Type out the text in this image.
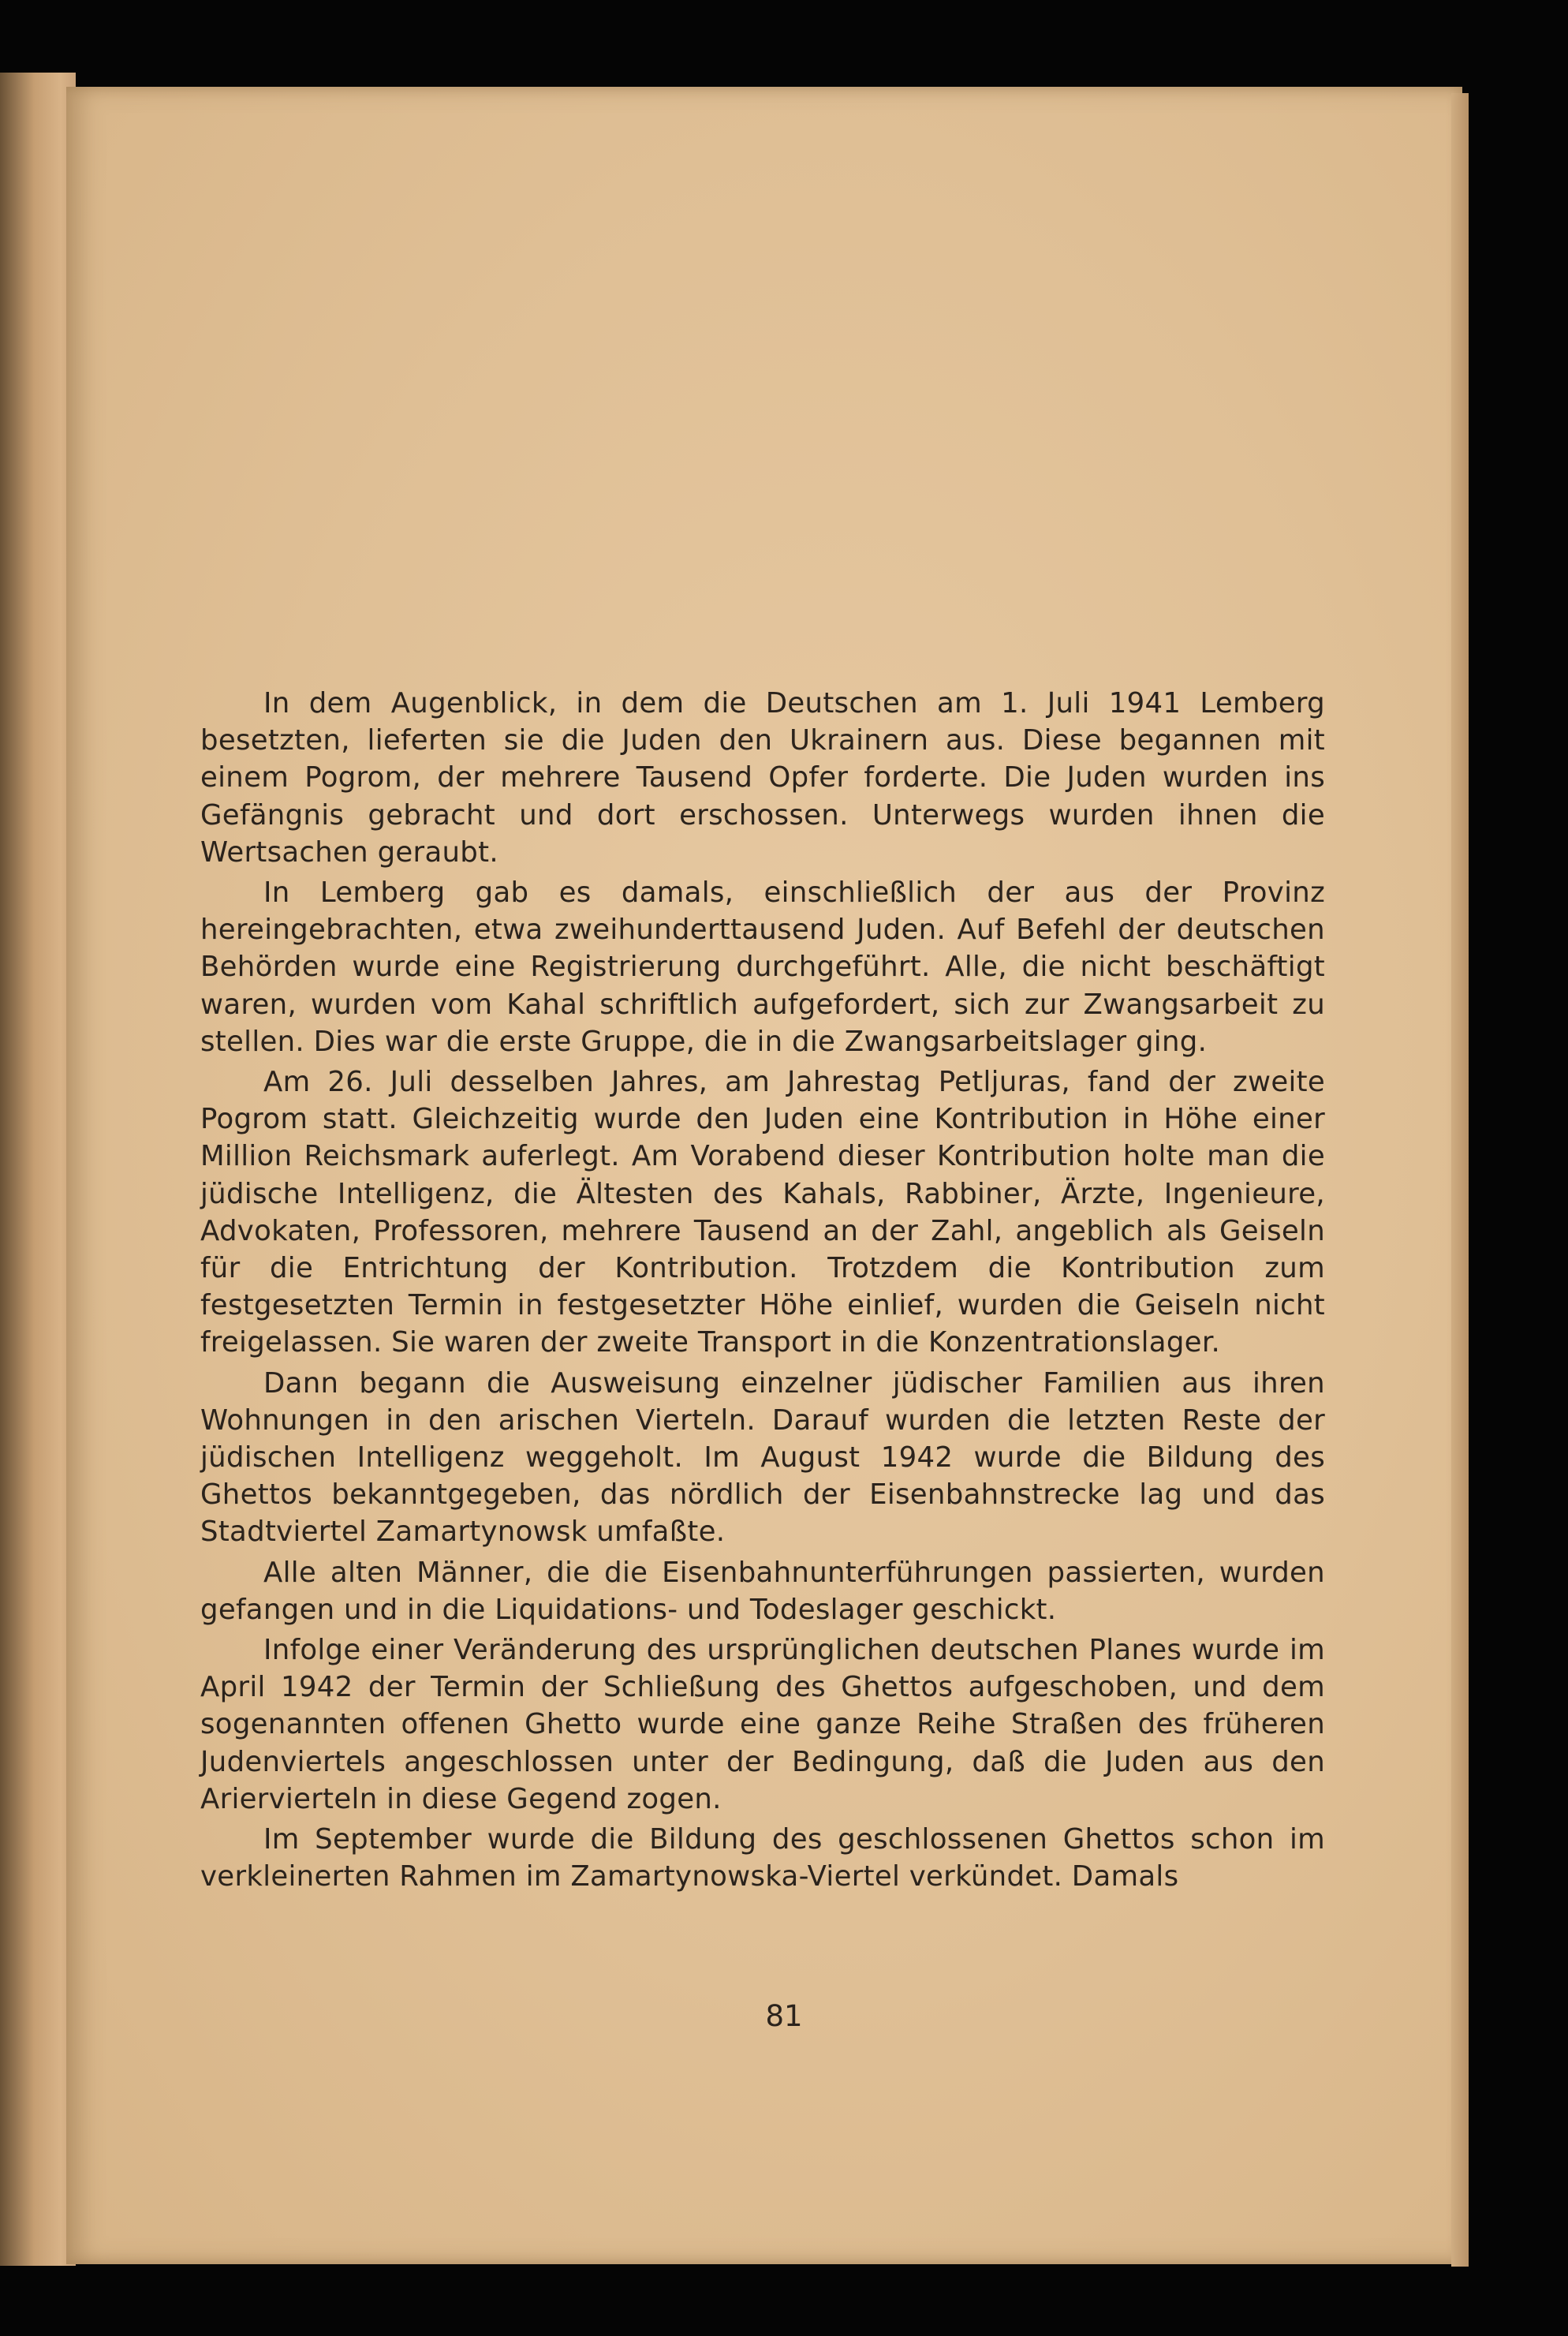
In dem Augenblick, in dem die Deutschen am 1. Juli 1941 Lemberg besetzten, lieferten sie die Juden den Ukrainern aus. Diese begannen mit einem Pogrom, der mehrere Tausend Opfer forderte. Die Juden wurden ins Gefängnis gebracht und dort erschossen. Unterwegs wurden ihnen die Wertsachen geraubt.

In Lemberg gab es damals, einschließlich der aus der Provinz hereingebrachten, etwa zweihunderttausend Juden. Auf Befehl der deutschen Behörden wurde eine Registrierung durchgeführt. Alle, die nicht beschäftigt waren, wurden vom Kahal schriftlich aufgefordert, sich zur Zwangsarbeit zu stellen. Dies war die erste Gruppe, die in die Zwangsarbeitslager ging.

Am 26. Juli desselben Jahres, am Jahrestag Petljuras, fand der zweite Pogrom statt. Gleichzeitig wurde den Juden eine Kontribution in Höhe einer Million Reichsmark auferlegt. Am Vorabend dieser Kontribution holte man die jüdische Intelligenz, die Ältesten des Kahals, Rabbiner, Ärzte, Ingenieure, Advokaten, Professoren, mehrere Tausend an der Zahl, angeblich als Geiseln für die Entrichtung der Kontribution. Trotzdem die Kontribution zum festgesetzten Termin in festgesetzter Höhe einlief, wurden die Geiseln nicht freigelassen. Sie waren der zweite Transport in die Konzentrationslager.

Dann begann die Ausweisung einzelner jüdischer Familien aus ihren Wohnungen in den arischen Vierteln. Darauf wurden die letzten Reste der jüdischen Intelligenz weggeholt. Im August 1942 wurde die Bildung des Ghettos bekanntgegeben, das nördlich der Eisenbahnstrecke lag und das Stadtviertel Zamartynowsk umfaßte.

Alle alten Männer, die die Eisenbahnunterführungen passierten, wurden gefangen und in die Liquidations- und Todeslager geschickt.

Infolge einer Veränderung des ursprünglichen deutschen Planes wurde im April 1942 der Termin der Schließung des Ghettos aufgeschoben, und dem sogenannten offenen Ghetto wurde eine ganze Reihe Straßen des früheren Judenviertels angeschlossen unter der Bedingung, daß die Juden aus den Ariervierteln in diese Gegend zogen.

Im September wurde die Bildung des geschlossenen Ghettos schon im verkleinerten Rahmen im Zamartynowska-Viertel verkündet. Damals

81
